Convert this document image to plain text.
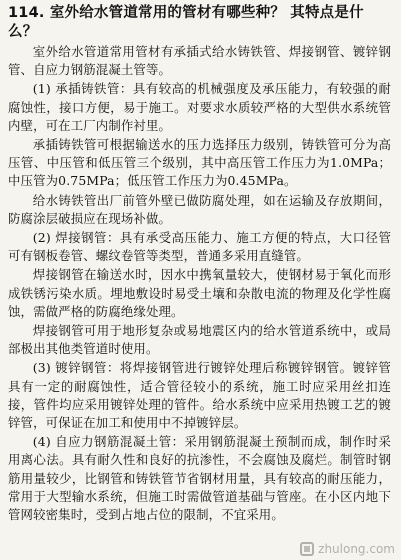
114. 室外给水管道常用的管材有哪些种？ 其特点是什么？

室外给水管道常用管材有承插式给水铸铁管、焊接钢管、镀锌钢管、自应力钢筋混凝土管等。

(1) 承插铸铁管：具有较高的机械强度及承压能力，有较强的耐腐蚀性，接口方便，易于施工。对要求水质较严格的大型供水系统管内壁，可在工厂内制作衬里。

承插铸铁管可根据输送水的压力选择压力级别，铸铁管可分为高压管、中压管和低压管三个级别，其中高压管工作压力为1.0MPa；中压管为0.75MPa；低压管工作压力为0.45MPa。

给水铸铁管出厂前管外壁已做防腐处理，如在运输及存放期间，防腐涂层破损应在现场补做。

(2) 焊接钢管：具有承受高压能力、施工方便的特点，大口径管可有钢板卷管、螺纹卷管等类型，普通多采用直缝管。

焊接钢管在输送水时，因水中携氧量较大，使钢材易于氧化而形成铁锈污染水质。埋地敷设时易受土壤和杂散电流的物理及化学性腐蚀，需做严格的防腐绝缘处理。

焊接钢管可用于地形复杂或易地震区内的给水管道系统中，或局部极出其他类管道时使用。

(3) 镀锌钢管：将焊接钢管进行镀锌处理后称镀锌钢管。镀锌管具有一定的耐腐蚀性，适合管径较小的系统，施工时应采用丝扣连接，管件均应采用镀锌处理的管件。给水系统中应采用热镀工艺的镀锌管，可保证在加工和使用中不掉镀锌层。

(4) 自应力钢筋混凝土管：采用钢筋混凝土预制而成，制作时采用离心法。具有耐久性和良好的抗渗性，不会腐蚀及腐烂。制管时钢筋用量较少，比钢管和铸铁管节省钢材用量，具有较高的耐压能力，常用于大型输水系统，但施工时需做管道基础与管座。在小区内地下管网较密集时，受到占地占位的限制，不宜采用。

zhulong.com
